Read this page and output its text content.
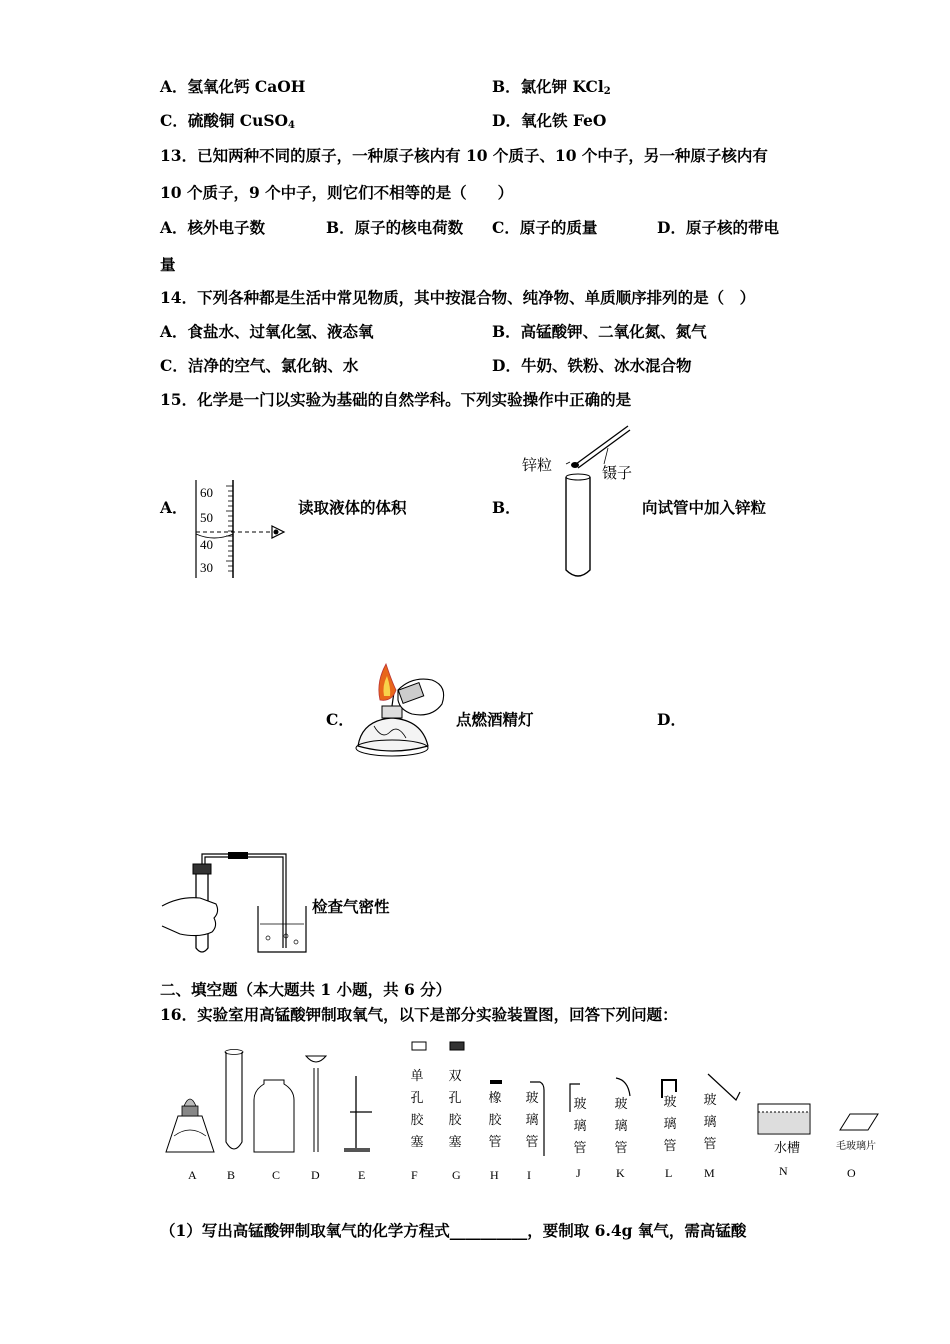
A．氢氧化钙 CaOH	B．氯化钾 KCl$_2$
C．硫酸铜 CuSO$_4$	D．氧化铁 FeO
13．已知两种不同的原子，一种原子核内有 10 个质子、10 个中子，另一种原子核内有
10 个质子，9 个中子，则它们不相等的是（　　）
A．核外电子数	B．原子的核电荷数 C．原子的质量	D．原子核的带电
量
14．下列各种都是生活中常见物质，其中按混合物、纯净物、单质顺序排列的是（　）
A．食盐水、过氧化氢、液态氧	B．高锰酸钾、二氧化氮、氮气
C．洁净的空气、氯化钠、水	D．牛奶、铁粉、冰水混合物
15．化学是一门以实验为基础的自然学科。下列实验操作中正确的是
A．
60
50
40
30
读取液体的体积	B．
锌粒	镊子
向试管中加入锌粒
C．	点燃酒精灯	D．
检查气密性
二、填空题（本大题共 1 小题，共 6 分）
16．实验室用高锰酸钾制取氧气，以下是部分实验装置图，回答下列问题：
单
孔
胶
塞
双
孔
胶
塞
橡
胶
管
玻
璃
管
玻
璃
管
玻
璃
管
玻
璃
管
玻
璃
管	水槽	毛玻璃片
A	B	C	D	E	F	G H I	J	K	L	M	N	O
（1）写出高锰酸钾制取氧气的化学方程式__________，要制取 6.4g 氧气，需高锰酸
